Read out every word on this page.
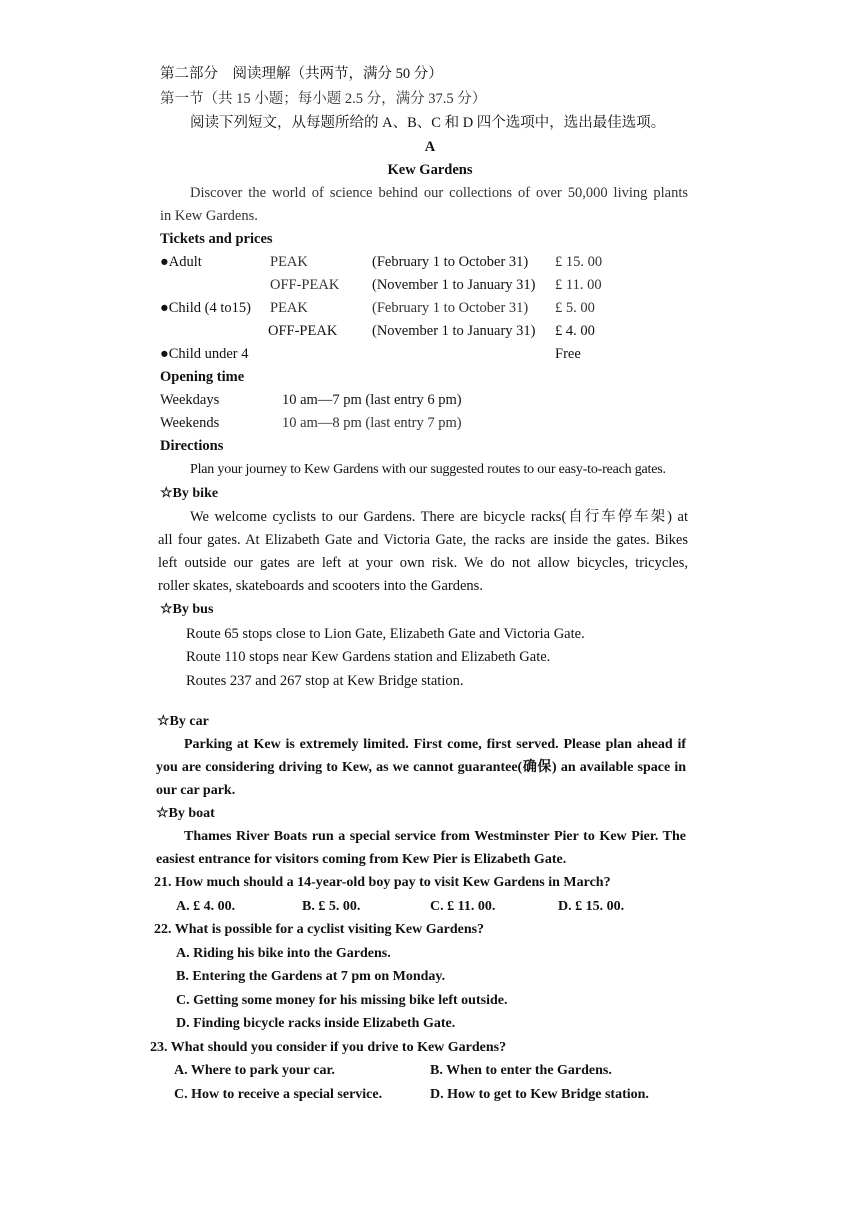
第二部分　阅读理解（共两节，满分 50 分）
第一节（共 15 小题；每小题 2.5 分，满分 37.5 分）
阅读下列短文，从每题所给的 A、B、C 和 D 四个选项中，选出最佳选项。
A
Kew Gardens
Discover the world of science behind our collections of over 50,000 living plants
in Kew Gardens.
Tickets and prices
●Adult	PEAK	(February 1 to October 31) £ 15. 00
OFF-PEAK (November 1 to January 31) £ 11. 00
●Child (4 to15) PEAK	(February 1 to October 31) £ 5. 00
OFF-PEAK (November 1 to January 31) £ 4. 00
●Child under 4	Free
Opening time
Weekdays	10 am—7 pm (last entry 6 pm)
Weekends	10 am—8 pm (last entry 7 pm)
Directions
Plan your journey to Kew Gardens with our suggested routes to our easy-to-reach gates.
☆By bike
We welcome cyclists to our Gardens. There are bicycle racks(自行车停车架) at
all four gates. At Elizabeth Gate and Victoria Gate, the racks are inside the gates. Bikes
left outside our gates are left at your own risk. We do not allow bicycles, tricycles,
roller skates, skateboards and scooters into the Gardens.
☆By bus
Route 65 stops close to Lion Gate, Elizabeth Gate and Victoria Gate.
Route 110 stops near Kew Gardens station and Elizabeth Gate.
Routes 237 and 267 stop at Kew Bridge station.
☆By car
Parking at Kew is extremely limited. First come, first served. Please plan ahead if
you are considering driving to Kew, as we cannot guarantee(确保) an available space in
our car park.
☆By boat
Thames River Boats run a special service from Westminster Pier to Kew Pier. The
easiest entrance for visitors coming from Kew Pier is Elizabeth Gate.
21. How much should a 14-year-old boy pay to visit Kew Gardens in March?
A. £ 4. 00.	B. £ 5. 00.	C. £ 11. 00.	D. £ 15. 00.
22. What is possible for a cyclist visiting Kew Gardens?
A. Riding his bike into the Gardens.
B. Entering the Gardens at 7 pm on Monday.
C. Getting some money for his missing bike left outside.
D. Finding bicycle racks inside Elizabeth Gate.
23. What should you consider if you drive to Kew Gardens?
A. Where to park your car.	B. When to enter the Gardens.
C. How to receive a special service.	D. How to get to Kew Bridge station.
